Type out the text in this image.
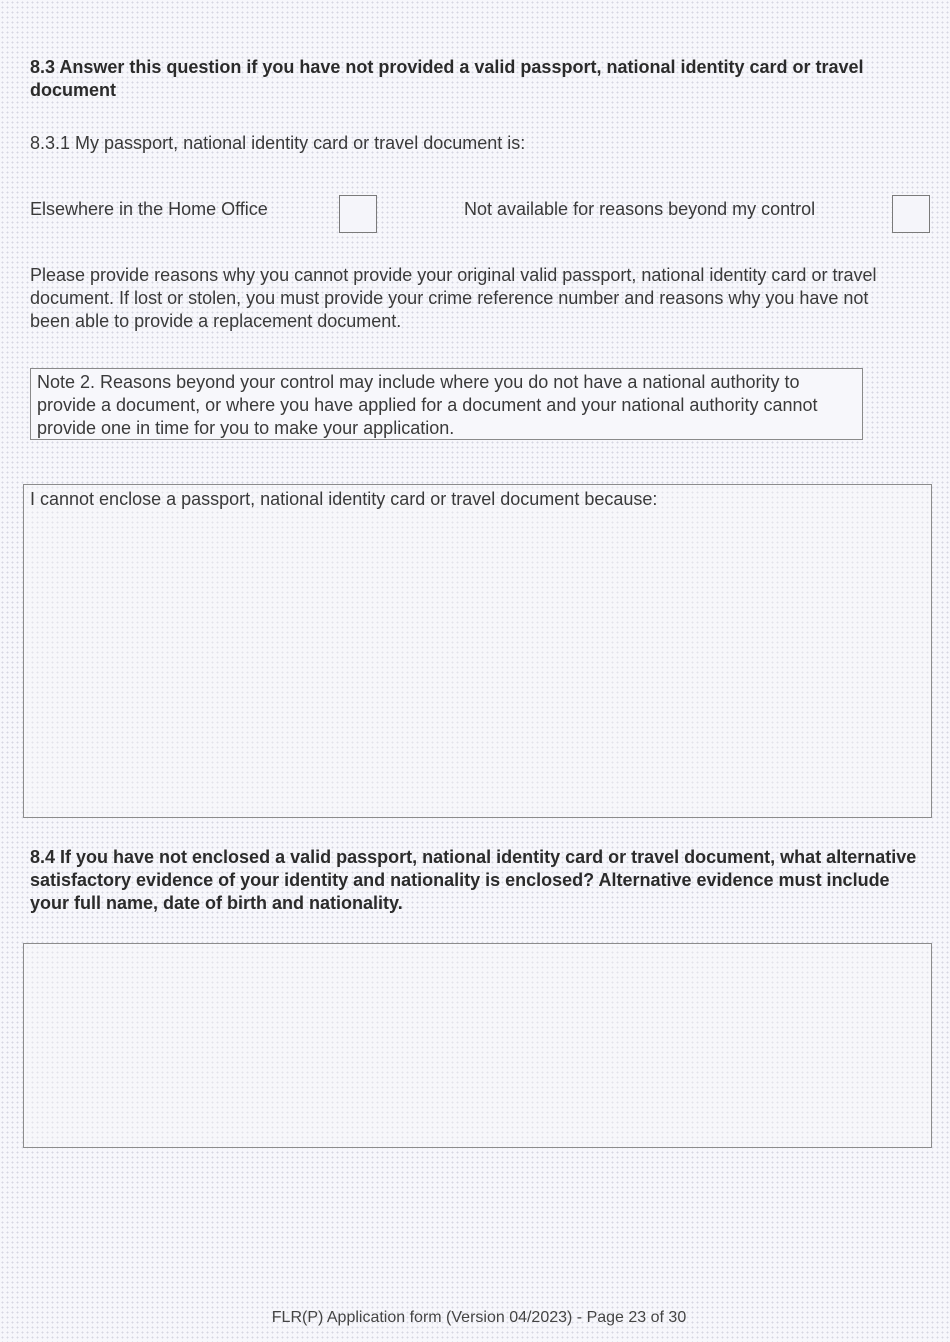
8.3 Answer this question if you have not provided a valid passport, national identity card or travel document
8.3.1 My passport, national identity card or travel document is:
Elsewhere in the Home Office	Not available for reasons beyond my control
Please provide reasons why you cannot provide your original valid passport, national identity card or travel document. If lost or stolen, you must provide your crime reference number and reasons why you have not been able to provide a replacement document.
Note 2. Reasons beyond your control may include where you do not have a national authority to provide a document, or where you have applied for a document and your national authority cannot provide one in time for you to make your application.
I cannot enclose a passport, national identity card or travel document because:
8.4 If you have not enclosed a valid passport, national identity card or travel document, what alternative satisfactory evidence of your identity and nationality is enclosed? Alternative evidence must include your full name, date of birth and nationality.
FLR(P) Application form (Version 04/2023) - Page 23 of 30
